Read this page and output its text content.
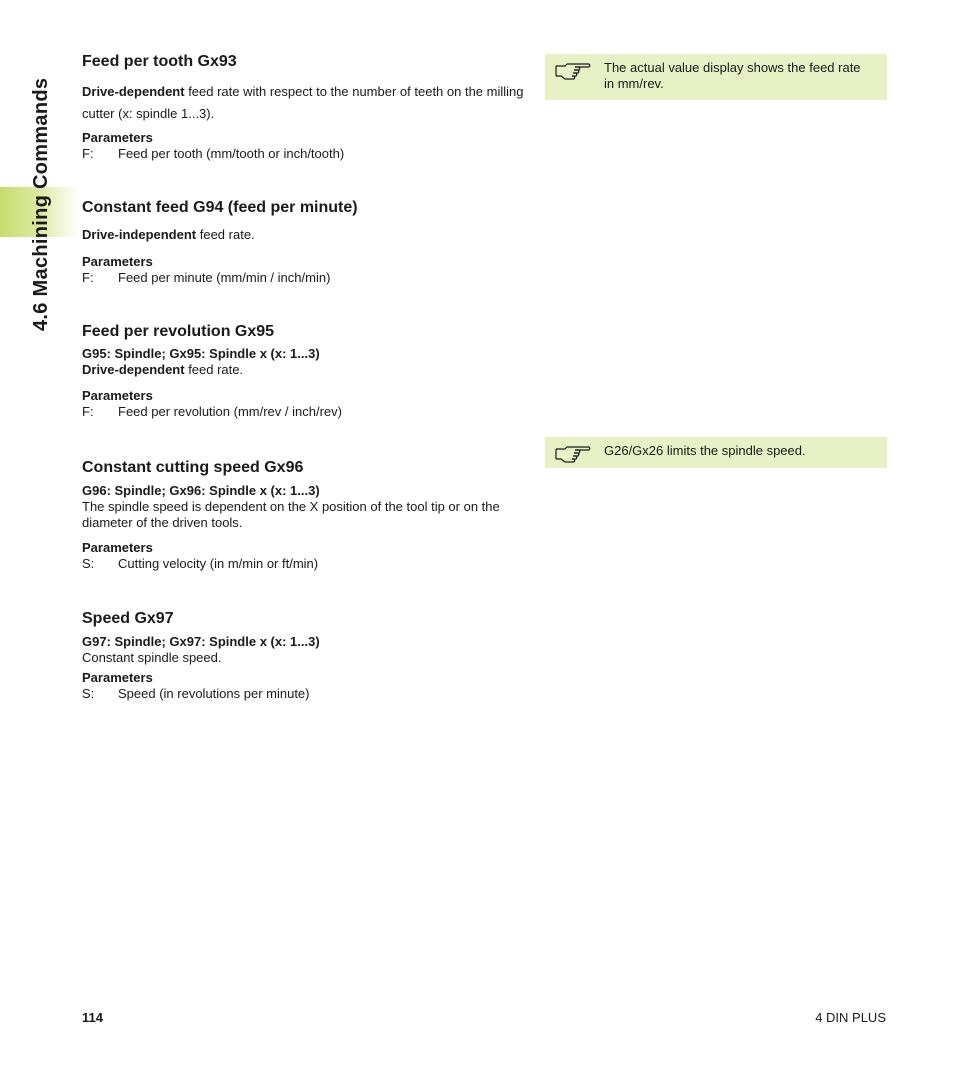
4.6 Machining Commands
Feed per tooth Gx93
Drive-dependent feed rate with respect to the number of teeth on the milling cutter (x: spindle 1...3).
Parameters
F:	Feed per tooth (mm/tooth or inch/tooth)
Constant feed G94 (feed per minute)
Drive-independent feed rate.
Parameters
F:	Feed per minute (mm/min / inch/min)
Feed per revolution Gx95
G95: Spindle; Gx95: Spindle x (x: 1...3)
Drive-dependent feed rate.
Parameters
F:	Feed per revolution (mm/rev / inch/rev)
Constant cutting speed Gx96
G96: Spindle; Gx96: Spindle x (x: 1...3)
The spindle speed is dependent on the X position of the tool tip or on the diameter of the driven tools.
Parameters
S:	Cutting velocity (in m/min or ft/min)
Speed Gx97
G97: Spindle; Gx97: Spindle x (x: 1...3)
Constant spindle speed.
Parameters
S:	Speed (in revolutions per minute)
The actual value display shows the feed rate in mm/rev.
G26/Gx26 limits the spindle speed.
114	4 DIN PLUS
